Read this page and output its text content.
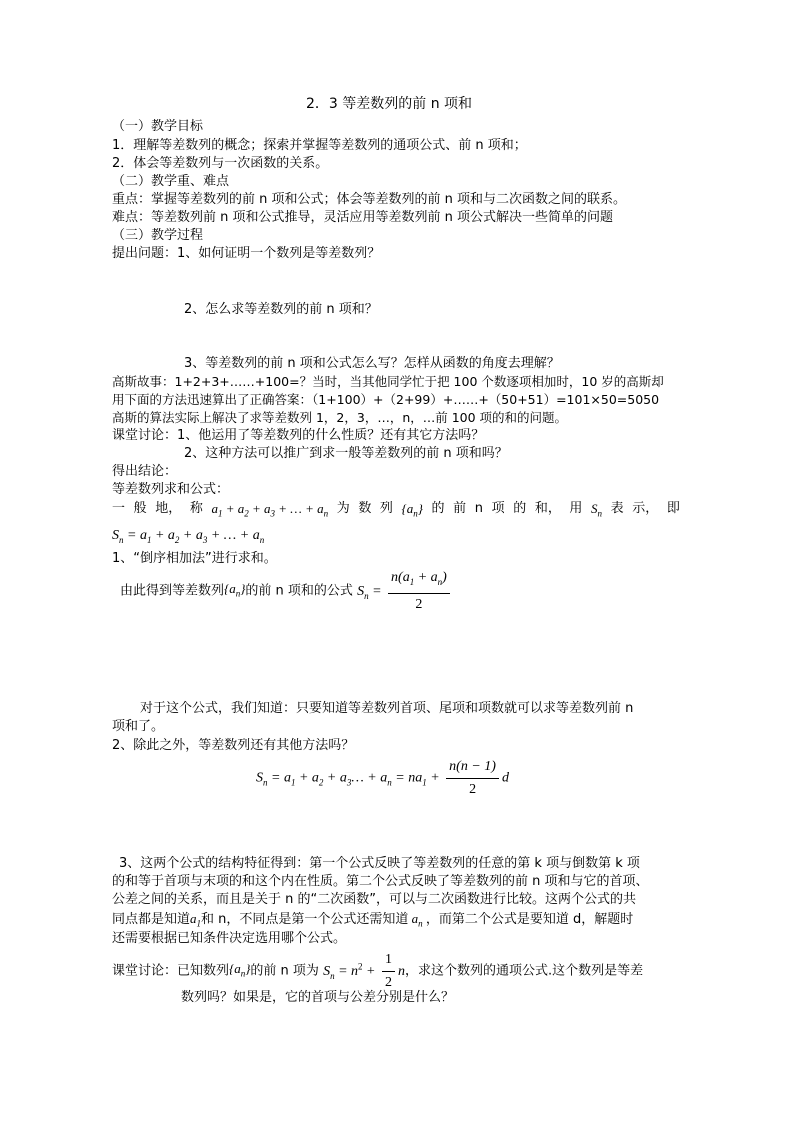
2．3 等差数列的前 n 项和
（一）教学目标
1．理解等差数列的概念；探索并掌握等差数列的通项公式、前 n 项和；
2．体会等差数列与一次函数的关系。
（二）教学重、难点
重点：掌握等差数列的前 n 项和公式；体会等差数列的前 n 项和与二次函数之间的联系。
难点：等差数列前 n 项和公式推导，灵活应用等差数列前 n 项公式解决一些简单的问题
（三）教学过程
提出问题：1、如何证明一个数列是等差数列？
2、怎么求等差数列的前 n 项和？
3、等差数列的前 n 项和公式怎么写？怎样从函数的角度去理解？
高斯故事：1+2+3+……+100=？当时，当其他同学忙于把 100 个数逐项相加时，10 岁的高斯却
用下面的方法迅速算出了正确答案：（1+100）+（2+99）+……+（50+51）=101×50=5050
高斯的算法实际上解决了求等差数列 1，2，3，…，n，…前 100 项的和的问题。
课堂讨论：1、他运用了等差数列的什么性质？还有其它方法吗？
2、这种方法可以推广到求一般等差数列的前 n 项和吗？
得出结论：
等差数列求和公式：
一 般 地， 称 $a_1 + a_2 + a_3$ + … + $a_n$ 为 数 列 $\{a_n\}$ 的 前 n 项 的 和， 用 $S_n$ 表 示， 即
$S_n = a_1 + a_2 + a_3$ + … + $a_n$
1、“倒序相加法”进行求和。
由此得到等差数列$\{a_n\}$的前 n 项和的公式 $S_n = \frac{n(a_1 + a_n)}{2}$
对于这个公式，我们知道：只要知道等差数列首项、尾项和项数就可以求等差数列前 n
项和了。
2、除此之外，等差数列还有其他方法吗？
$S_n = a_1 + a_2$ + $a_3\dots + a_n = na_1 + \frac{n(n - 1)}{2}$ d
3、这两个公式的结构特征得到：第一个公式反映了等差数列的任意的第 k 项与倒数第 k 项
的和等于首项与末项的和这个内在性质。第二个公式反映了等差数列的前 n 项和与它的首项、
公差之间的关系，而且是关于 n 的“二次函数”，可以与二次函数进行比较。这两个公式的共
同点都是知道$a_1$和 n，不同点是第一个公式还需知道 $a_n$ ，而第二个公式是要知道 d，解题时
还需要根据已知条件决定选用哪个公式。
课堂讨论：已知数列$\{a_n\}$的前 n 项为 $S_n = n^2 + \frac{1}{2}$ n，求这个数列的通项公式.这个数列是等差
数列吗？如果是，它的首项与公差分别是什么？
